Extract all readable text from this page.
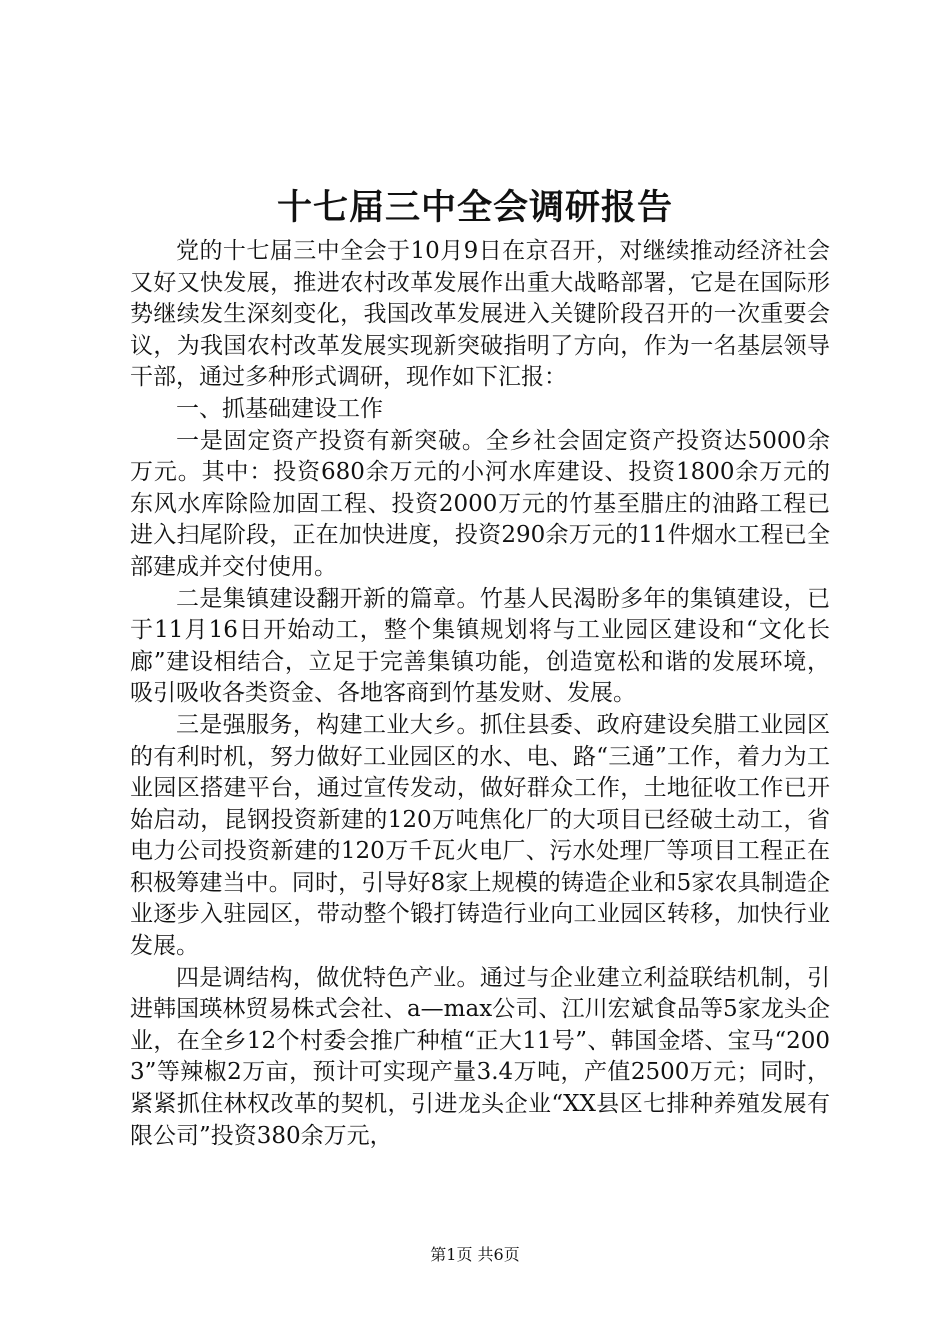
十七届三中全会调研报告

党的十七届三中全会于10月9日在京召开，对继续推动经济社会又好又快发展，推进农村改革发展作出重大战略部署，它是在国际形势继续发生深刻变化，我国改革发展进入关键阶段召开的一次重要会议，为我国农村改革发展实现新突破指明了方向，作为一名基层领导干部，通过多种形式调研，现作如下汇报：

一、抓基础建设工作

一是固定资产投资有新突破。全乡社会固定资产投资达5000余万元。其中：投资680余万元的小河水库建设、投资1800余万元的东风水库除险加固工程、投资2000万元的竹基至腊庄的油路工程已进入扫尾阶段，正在加快进度，投资290余万元的11件烟水工程已全部建成并交付使用。

二是集镇建设翻开新的篇章。竹基人民渴盼多年的集镇建设，已于11月16日开始动工，整个集镇规划将与工业园区建设和“文化长廊”建设相结合，立足于完善集镇功能，创造宽松和谐的发展环境，吸引吸收各类资金、各地客商到竹基发财、发展。

三是强服务，构建工业大乡。抓住县委、政府建设矣腊工业园区的有利时机，努力做好工业园区的水、电、路“三通”工作，着力为工业园区搭建平台，通过宣传发动，做好群众工作，土地征收工作已开始启动，昆钢投资新建的120万吨焦化厂的大项目已经破土动工，省电力公司投资新建的120万千瓦火电厂、污水处理厂等项目工程正在积极筹建当中。同时，引导好8家上规模的铸造企业和5家农具制造企业逐步入驻园区，带动整个锻打铸造行业向工业园区转移，加快行业发展。

四是调结构，做优特色产业。通过与企业建立利益联结机制，引进韩国瑛林贸易株式会社、a—max公司、江川宏斌食品等5家龙头企业，在全乡12个村委会推广种植“正大11号”、韩国金塔、宝马“2003”等辣椒2万亩，预计可实现产量3.4万吨，产值2500万元；同时，紧紧抓住林权改革的契机，引进龙头企业“XX县区七排种养殖发展有限公司”投资380余万元，

第1页 共6页
